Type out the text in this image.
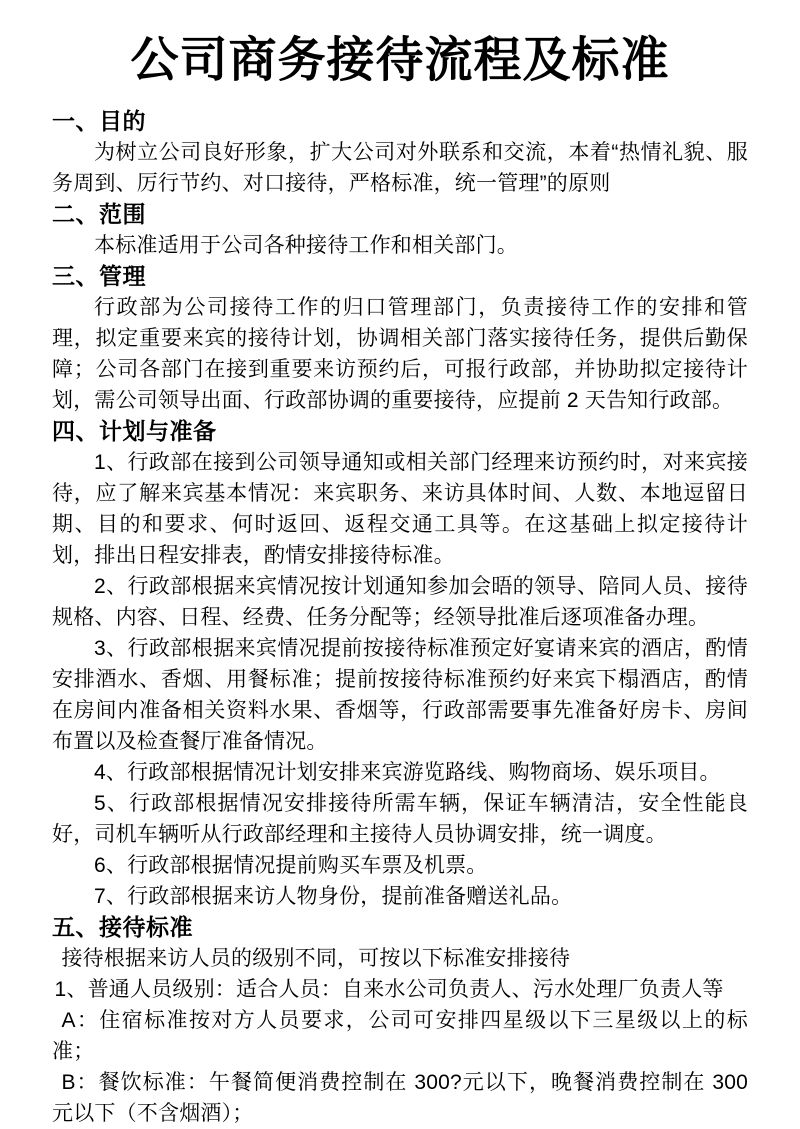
公司商务接待流程及标准
一、目的

为树立公司良好形象，扩大公司对外联系和交流，本着“热情礼貌、服务周到、厉行节约、对口接待，严格标准，统一管理”的原则

二、范围

本标准适用于公司各种接待工作和相关部门。

三、管理

行政部为公司接待工作的归口管理部门，负责接待工作的安排和管理，拟定重要来宾的接待计划，协调相关部门落实接待任务，提供后勤保障；公司各部门在接到重要来访预约后，可报行政部，并协助拟定接待计划，需公司领导出面、行政部协调的重要接待，应提前 2 天告知行政部。

四、计划与准备

1、行政部在接到公司领导通知或相关部门经理来访预约时，对来宾接待，应了解来宾基本情况：来宾职务、来访具体时间、人数、本地逗留日期、目的和要求、何时返回、返程交通工具等。在这基础上拟定接待计划，排出日程安排表，酌情安排接待标准。

2、行政部根据来宾情况按计划通知参加会晤的领导、陪同人员、接待规格、内容、日程、经费、任务分配等；经领导批准后逐项准备办理。

3、行政部根据来宾情况提前按接待标准预定好宴请来宾的酒店，酌情安排酒水、香烟、用餐标准；提前按接待标准预约好来宾下榻酒店，酌情在房间内准备相关资料水果、香烟等，行政部需要事先准备好房卡、房间布置以及检查餐厅准备情况。

4、行政部根据情况计划安排来宾游览路线、购物商场、娱乐项目。

5、行政部根据情况安排接待所需车辆，保证车辆清洁，安全性能良好，司机车辆听从行政部经理和主接待人员协调安排，统一调度。

6、行政部根据情况提前购买车票及机票。

7、行政部根据来访人物身份，提前准备赠送礼品。

五、接待标准

接待根据来访人员的级别不同，可按以下标准安排接待

1、普通人员级别：适合人员：自来水公司负责人、污水处理厂负责人等

A：住宿标准按对方人员要求，公司可安排四星级以下三星级以上的标准；

B：餐饮标准：午餐简便消费控制在 300?元以下，晚餐消费控制在 300 元以下（不含烟酒）；
